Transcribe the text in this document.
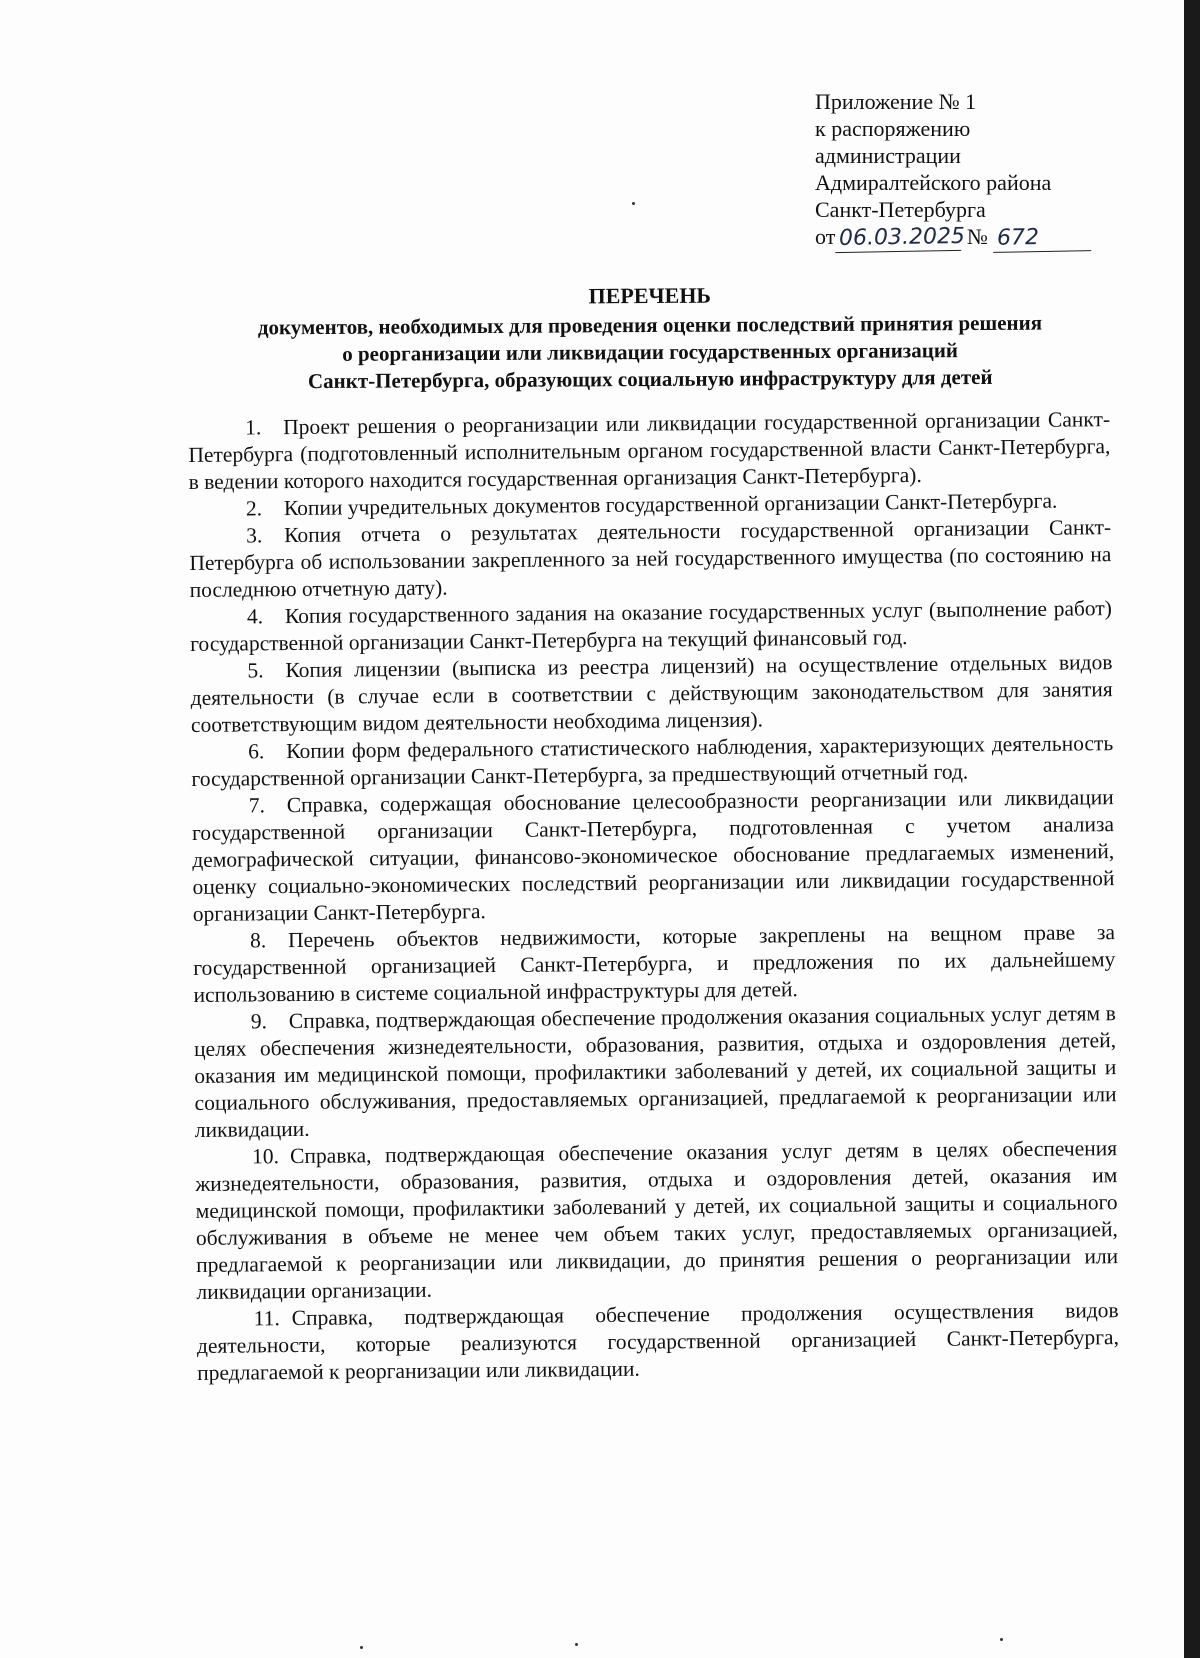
Приложение № 1
к распоряжению
администрации
Адмиралтейского района
Санкт-Петербурга
от 06.03.2025 № 672
ПЕРЕЧЕНЬ
документов, необходимых для проведения оценки последствий принятия решения
о реорганизации или ликвидации государственных организаций
Санкт-Петербурга, образующих социальную инфраструктуру для детей

1. Проект решения о реорганизации или ликвидации государственной организации Санкт-Петербурга (подготовленный исполнительным органом государственной власти Санкт-Петербурга, в ведении которого находится государственная организация Санкт-Петербурга).

2. Копии учредительных документов государственной организации Санкт-Петербурга.

3. Копия отчета о результатах деятельности государственной организации Санкт-Петербурга об использовании закрепленного за ней государственного имущества (по состоянию на последнюю отчетную дату).

4. Копия государственного задания на оказание государственных услуг (выполнение работ) государственной организации Санкт-Петербурга на текущий финансовый год.

5. Копия лицензии (выписка из реестра лицензий) на осуществление отдельных видов деятельности (в случае если в соответствии с действующим законодательством для занятия соответствующим видом деятельности необходима лицензия).

6. Копии форм федерального статистического наблюдения, характеризующих деятельность государственной организации Санкт-Петербурга, за предшествующий отчетный год.

7. Справка, содержащая обоснование целесообразности реорганизации или ликвидации государственной организации Санкт-Петербурга, подготовленная с учетом анализа демографической ситуации, финансово-экономическое обоснование предлагаемых изменений, оценку социально-экономических последствий реорганизации или ликвидации государственной организации Санкт-Петербурга.

8. Перечень объектов недвижимости, которые закреплены на вещном праве за государственной организацией Санкт-Петербурга, и предложения по их дальнейшему использованию в системе социальной инфраструктуры для детей.

9. Справка, подтверждающая обеспечение продолжения оказания социальных услуг детям в целях обеспечения жизнедеятельности, образования, развития, отдыха и оздоровления детей, оказания им медицинской помощи, профилактики заболеваний у детей, их социальной защиты и социального обслуживания, предоставляемых организацией, предлагаемой к реорганизации или ликвидации.

10. Справка, подтверждающая обеспечение оказания услуг детям в целях обеспечения жизнедеятельности, образования, развития, отдыха и оздоровления детей, оказания им медицинской помощи, профилактики заболеваний у детей, их социальной защиты и социального обслуживания в объеме не менее чем объем таких услуг, предоставляемых организацией, предлагаемой к реорганизации или ликвидации, до принятия решения о реорганизации или ликвидации организации.

11. Справка, подтверждающая обеспечение продолжения осуществления видов деятельности, которые реализуются государственной организацией Санкт-Петербурга, предлагаемой к реорганизации или ликвидации.
